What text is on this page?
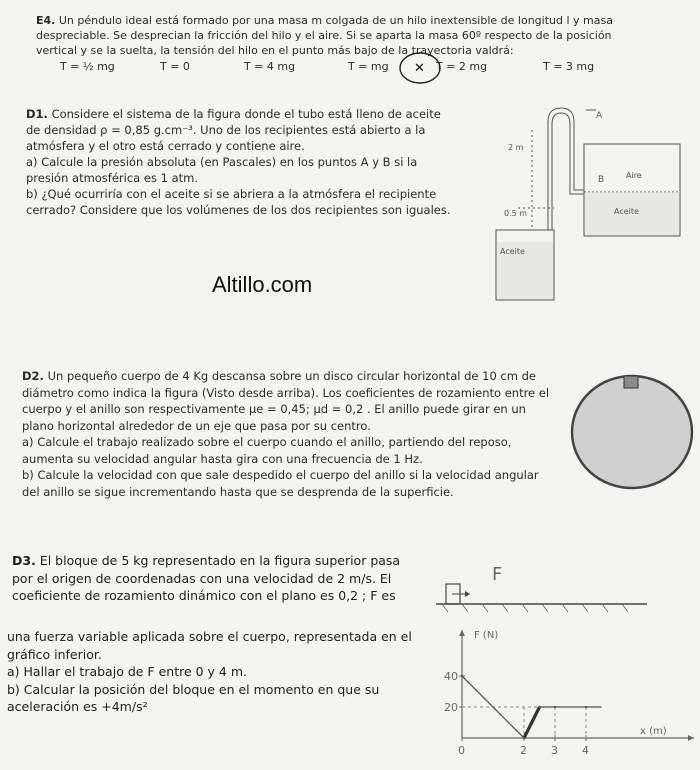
E4. Un péndulo ideal está formado por una masa m colgada de un hilo inextensible de longitud l y masa despreciable. Se desprecian la fricción del hilo y el aire. Si se aparta la masa 60º respecto de la posición vertical y se la suelta, la tensión del hilo en el punto más bajo de la trayectoria valdrá:

T = ½ mg	T = 0	T = 4 mg	T = mg	T = 2 mg	T = 3 mg
✕
D1. Considere el sistema de la figura donde el tubo está lleno de aceite de densidad ρ = 0,85 g.cm⁻³. Uno de los recipientes está abierto a la atmósfera y el otro está cerrado y contiene aire.
a) Calcule la presión absoluta (en Pascales) en los puntos A y B si la presión atmosférica es 1 atm.
b) ¿Qué ocurriría con el aceite si se abriera a la atmósfera el recipiente cerrado? Considere que los volúmenes de los dos recipientes son iguales.
A
B
2 m
0.5 m
Aire
Aceite
Aceite
Altillo.com
D2. Un pequeño cuerpo de 4 Kg descansa sobre un disco circular horizontal de 10 cm de diámetro como indica la figura (Visto desde arriba). Los coeficientes de rozamiento entre el cuerpo y el anillo son respectivamente μe = 0,45; μd = 0,2 . El anillo puede girar en un plano horizontal alrededor de un eje que pasa por su centro.
a) Calcule el trabajo realizado sobre el cuerpo cuando el anillo, partiendo del reposo, aumenta su velocidad angular hasta gira con una frecuencia de 1 Hz.
b) Calcule la velocidad con que sale despedido el cuerpo del anillo si la velocidad angular del anillo se sigue incrementando hasta que se desprenda de la superficie.
D3. El bloque de 5 kg representado en la figura superior pasa por el origen de coordenadas con una velocidad de 2 m/s. El coeficiente de rozamiento dinámico con el plano es 0,2 ; F es
una fuerza variable aplicada sobre el cuerpo, representada en el gráfico inferior.
a) Hallar el trabajo de F entre 0 y 4 m.
b) Calcular la posición del bloque en el momento en que su aceleración es +4m/s²
F
F (N)
x (m)
40
20
0	2 3 4
